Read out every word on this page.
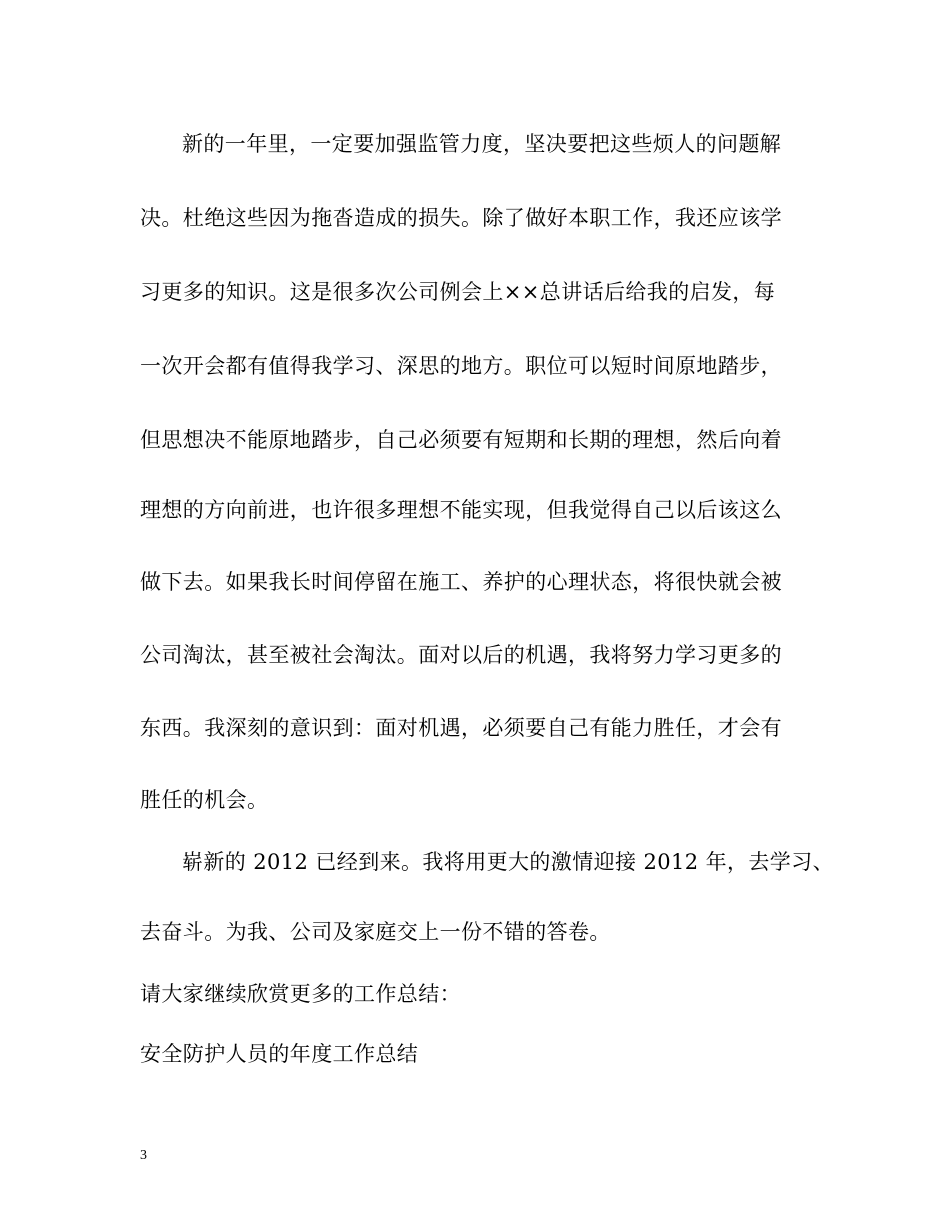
新的一年里，一定要加强监管力度，坚决要把这些烦人的问题解
决。杜绝这些因为拖沓造成的损失。除了做好本职工作，我还应该学
习更多的知识。这是很多次公司例会上××总讲话后给我的启发，每
一次开会都有值得我学习、深思的地方。职位可以短时间原地踏步，
但思想决不能原地踏步，自己必须要有短期和长期的理想，然后向着
理想的方向前进，也许很多理想不能实现，但我觉得自己以后该这么
做下去。如果我长时间停留在施工、养护的心理状态，将很快就会被
公司淘汰，甚至被社会淘汰。面对以后的机遇，我将努力学习更多的
东西。我深刻的意识到：面对机遇，必须要自己有能力胜任，才会有
胜任的机会。
崭新的 2012 已经到来。我将用更大的激情迎接 2012 年，去学习、
去奋斗。为我、公司及家庭交上一份不错的答卷。
请大家继续欣赏更多的工作总结：
安全防护人员的年度工作总结
3
